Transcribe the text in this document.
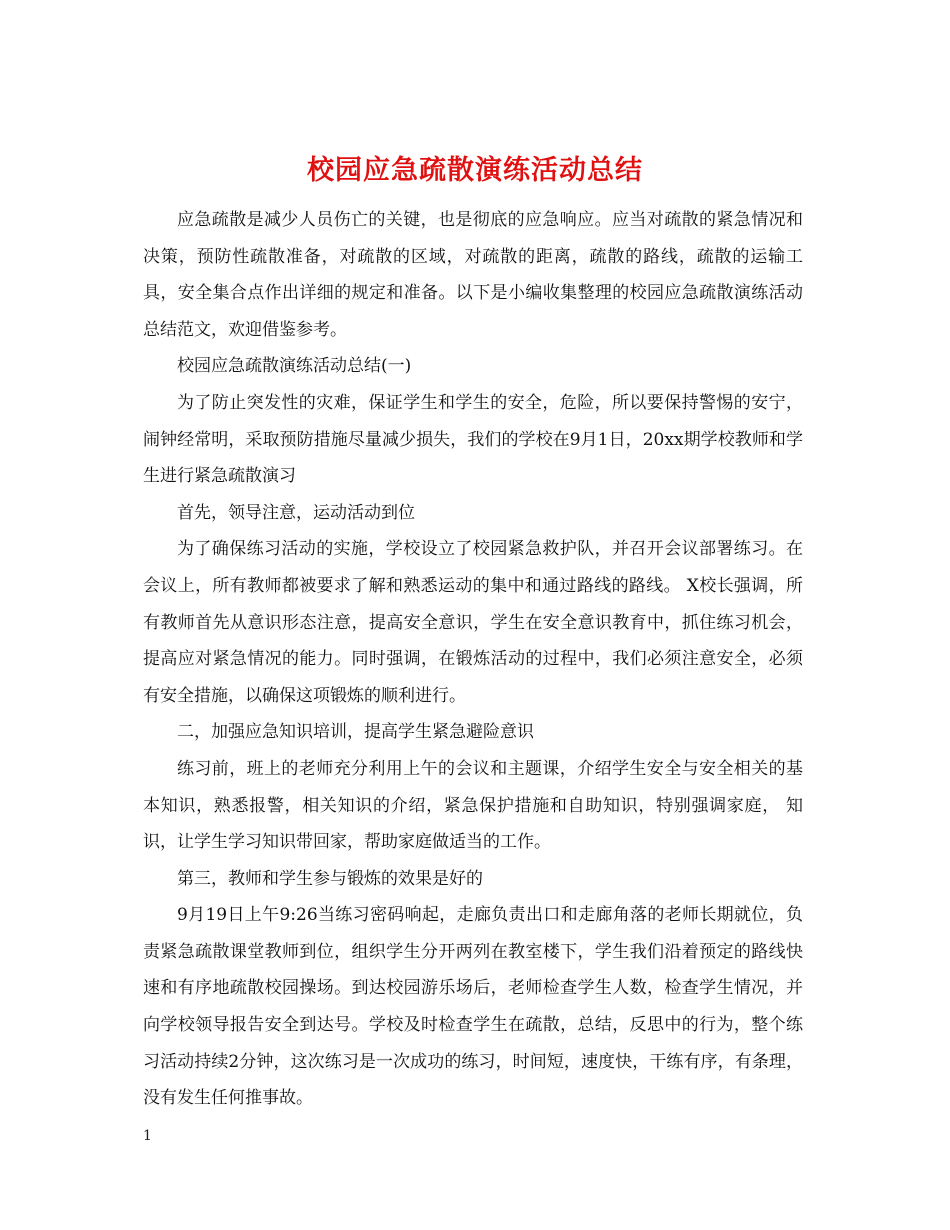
校园应急疏散演练活动总结

应急疏散是减少人员伤亡的关键，也是彻底的应急响应。应当对疏散的紧急情况和决策，预防性疏散准备，对疏散的区域，对疏散的距离，疏散的路线，疏散的运输工具，安全集合点作出详细的规定和准备。以下是小编收集整理的校园应急疏散演练活动总结范文，欢迎借鉴参考。

校园应急疏散演练活动总结(一)

为了防止突发性的灾难，保证学生和学生的安全，危险，所以要保持警惕的安宁，闹钟经常明，采取预防措施尽量减少损失，我们的学校在9月1日，20xx期学校教师和学生进行紧急疏散演习

首先，领导注意，运动活动到位

为了确保练习活动的实施，学校设立了校园紧急救护队，并召开会议部署练习。在会议上，所有教师都被要求了解和熟悉运动的集中和通过路线的路线。 X校长强调，所有教师首先从意识形态注意，提高安全意识，学生在安全意识教育中，抓住练习机会，提高应对紧急情况的能力。同时强调，在锻炼活动的过程中，我们必须注意安全，必须有安全措施，以确保这项锻炼的顺利进行。

二，加强应急知识培训，提高学生紧急避险意识

练习前，班上的老师充分利用上午的会议和主题课，介绍学生安全与安全相关的基本知识，熟悉报警，相关知识的介绍，紧急保护措施和自助知识，特别强调家庭， 知识，让学生学习知识带回家，帮助家庭做适当的工作。

第三，教师和学生参与锻炼的效果是好的

9月19日上午9:26当练习密码响起，走廊负责出口和走廊角落的老师长期就位，负责紧急疏散课堂教师到位，组织学生分开两列在教室楼下，学生我们沿着预定的路线快速和有序地疏散校园操场。到达校园游乐场后，老师检查学生人数，检查学生情况，并向学校领导报告安全到达号。学校及时检查学生在疏散，总结，反思中的行为，整个练习活动持续2分钟，这次练习是一次成功的练习，时间短，速度快，干练有序，有条理，没有发生任何推事故。

1
